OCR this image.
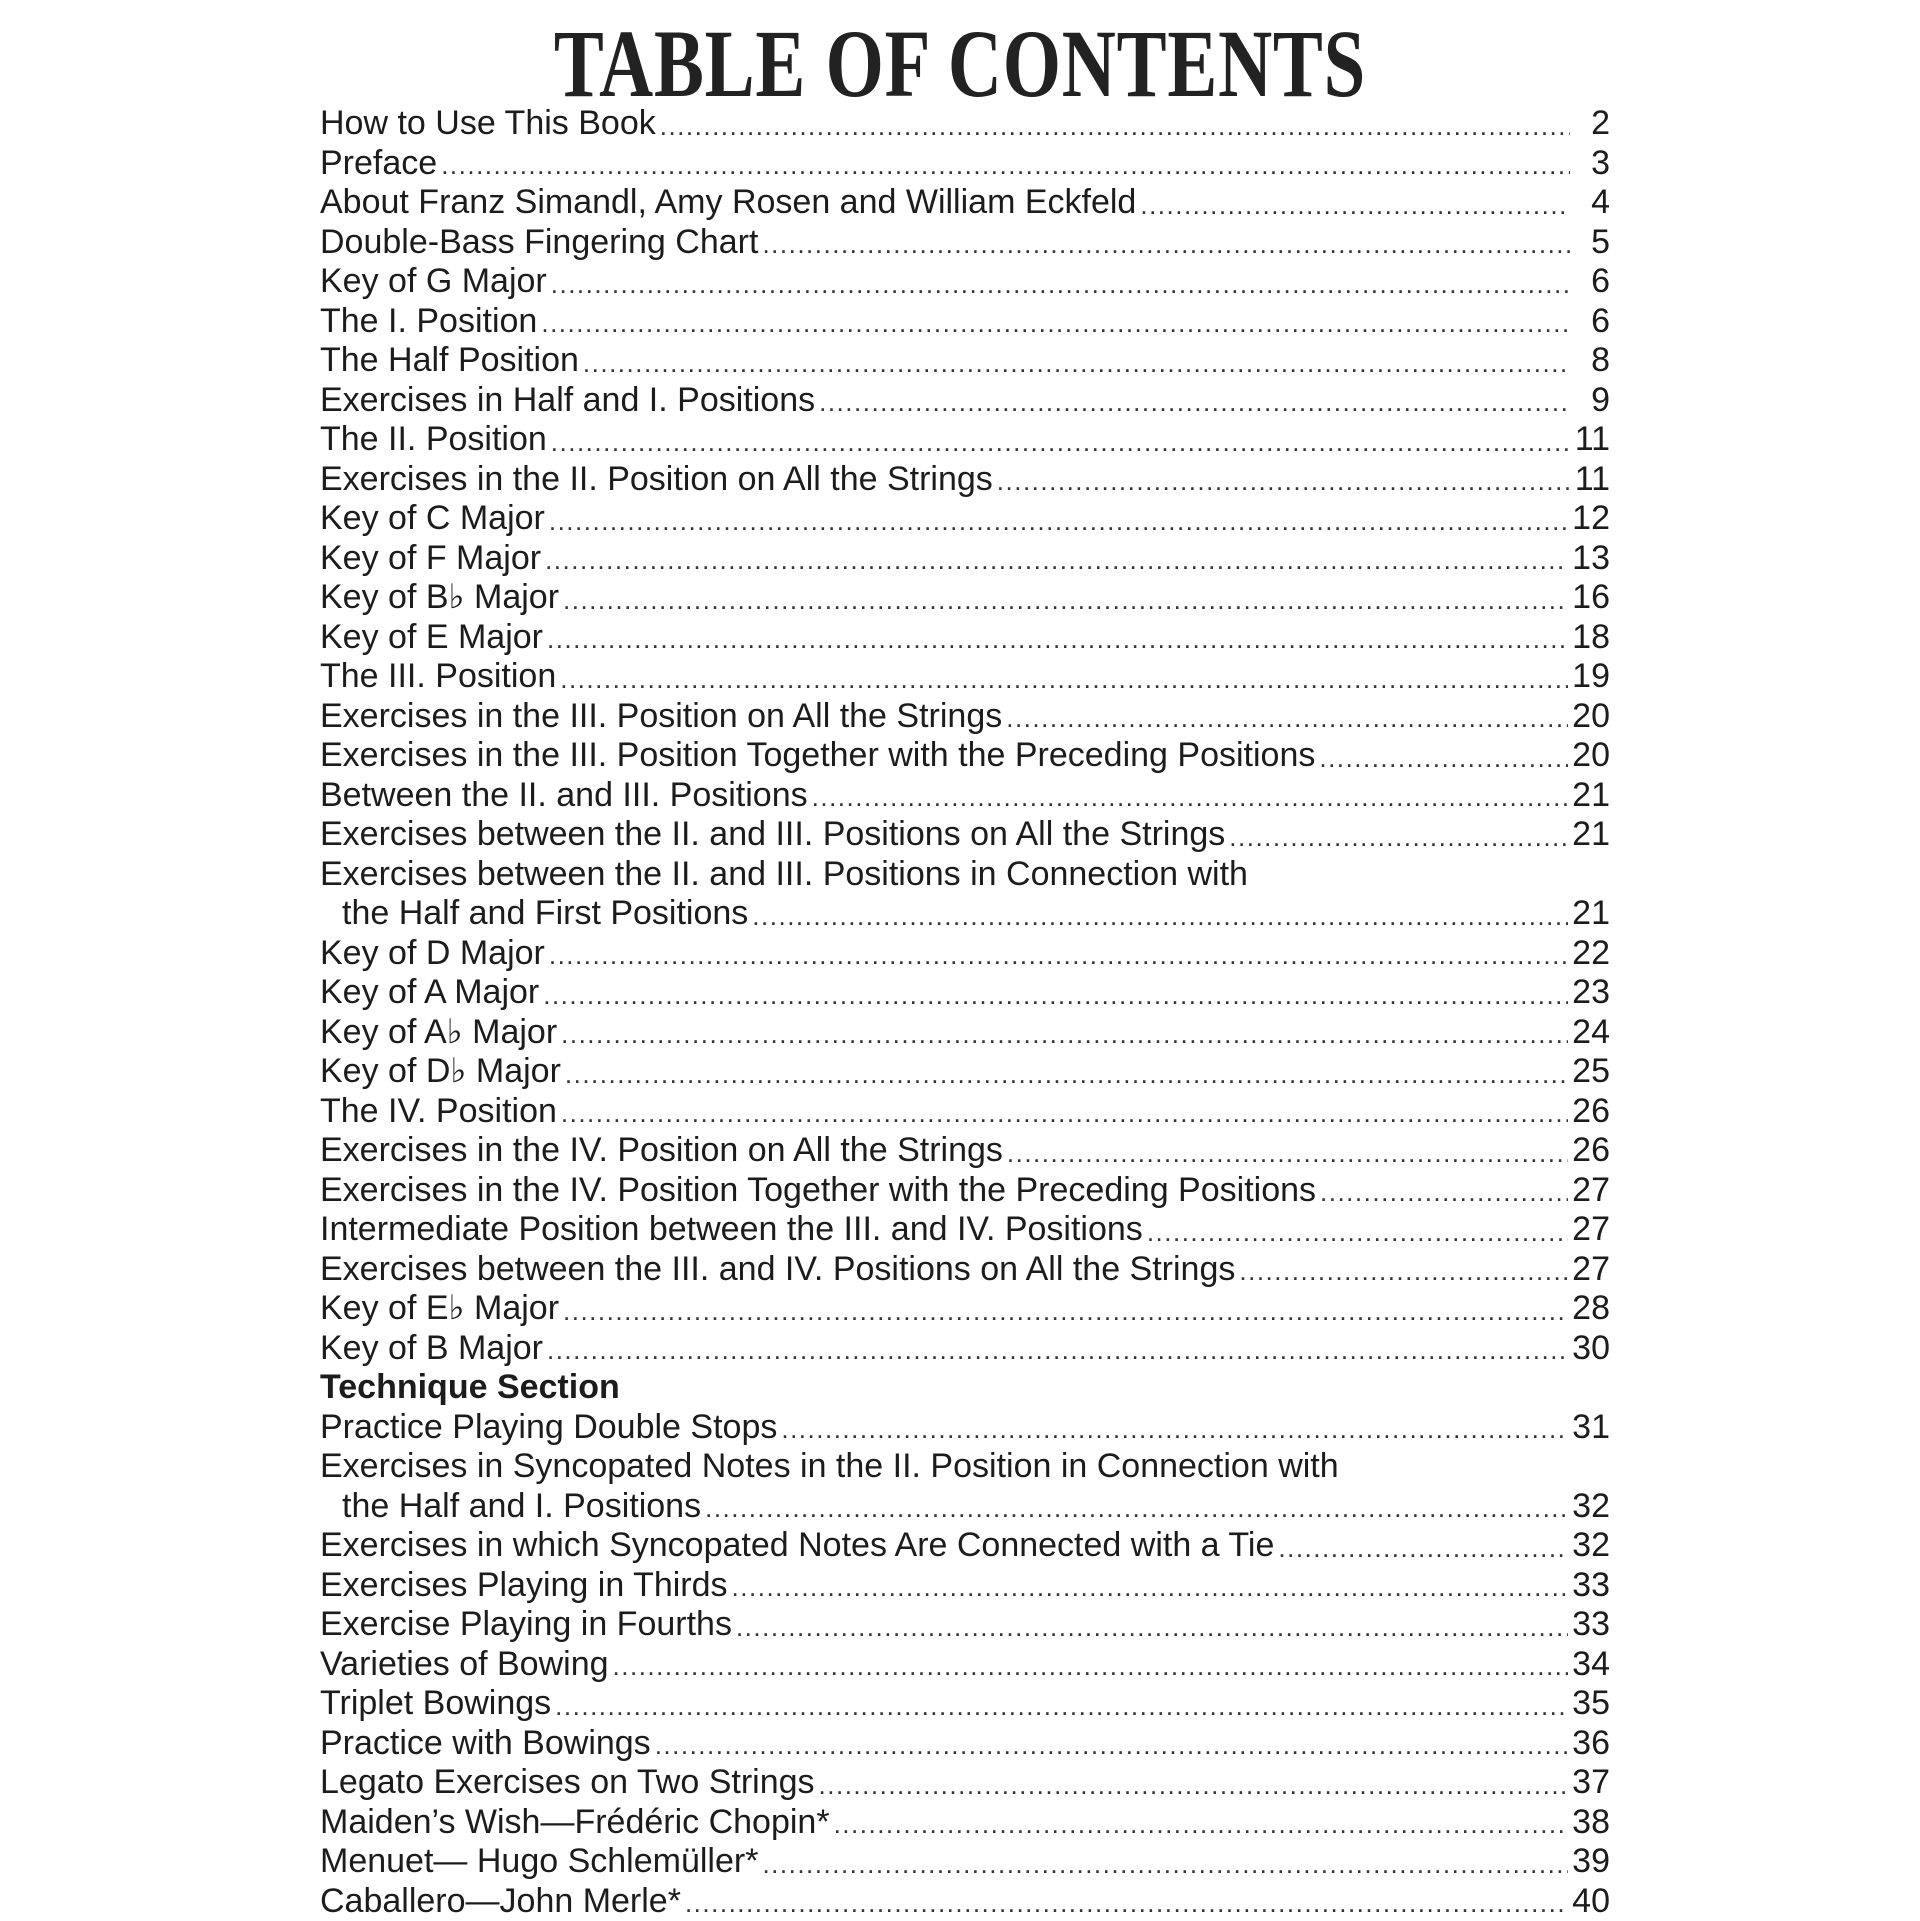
TABLE OF CONTENTS
How to Use This Book .....	2
Preface .....	3
About Franz Simandl, Amy Rosen and William Eckfeld .....	4
Double-Bass Fingering Chart .....	5
Key of G Major .....	6
The I. Position .....	6
The Half Position .....	8
Exercises in Half and I. Positions .....	9
The II. Position .....	11
Exercises in the II. Position on All the Strings .....	11
Key of C Major .....	12
Key of F Major .....	13
Key of B♭ Major .....	16
Key of E Major .....	18
The III. Position .....	19
Exercises in the III. Position on All the Strings .....	20
Exercises in the III. Position Together with the Preceding Positions .....	20
Between the II. and III. Positions .....	21
Exercises between the II. and III. Positions on All the Strings .....	21
Exercises between the II. and III. Positions in Connection with
the Half and First Positions .....	21
Key of D Major .....	22
Key of A Major .....	23
Key of A♭ Major .....	24
Key of D♭ Major .....	25
The IV. Position .....	26
Exercises in the IV. Position on All the Strings .....	26
Exercises in the IV. Position Together with the Preceding Positions .....	27
Intermediate Position between the III. and IV. Positions .....	27
Exercises between the III. and IV. Positions on All the Strings .....	27
Key of E♭ Major .....	28
Key of B Major .....	30
Technique Section
Practice Playing Double Stops .....	31
Exercises in Syncopated Notes in the II. Position in Connection with
the Half and I. Positions .....	32
Exercises in which Syncopated Notes Are Connected with a Tie .....	32
Exercises Playing in Thirds .....	33
Exercise Playing in Fourths .....	33
Varieties of Bowing .....	34
Triplet Bowings .....	35
Practice with Bowings .....	36
Legato Exercises on Two Strings .....	37
Maiden’s Wish—Frédéric Chopin* .....	38
Menuet— Hugo Schlemüller* .....	39
Caballero—John Merle* .....	40
